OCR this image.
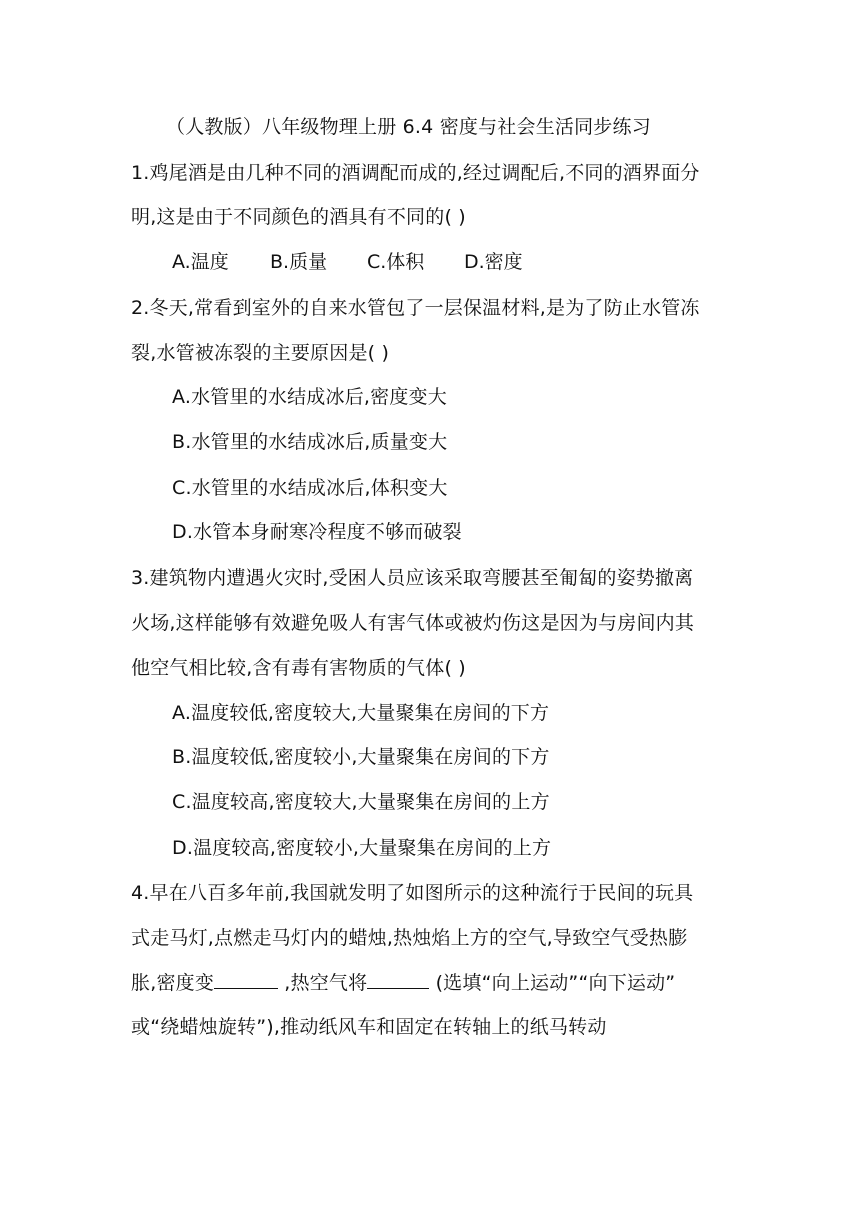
（人教版）八年级物理上册 6.4 密度与社会生活同步练习
1.鸡尾酒是由几种不同的酒调配而成的,经过调配后,不同的酒界面分
明,这是由于不同颜色的酒具有不同的( )
A.温度 B.质量 C.体积 D.密度
2.冬天,常看到室外的自来水管包了一层保温材料,是为了防止水管冻
裂,水管被冻裂的主要原因是( )
A.水管里的水结成冰后,密度变大
B.水管里的水结成冰后,质量变大
C.水管里的水结成冰后,体积变大
D.水管本身耐寒冷程度不够而破裂
3.建筑物内遭遇火灾时,受困人员应该采取弯腰甚至匍匐的姿势撤离
火场,这样能够有效避免吸人有害气体或被灼伤这是因为与房间内其
他空气相比较,含有毒有害物质的气体( )
A.温度较低,密度较大,大量聚集在房间的下方
B.温度较低,密度较小,大量聚集在房间的下方
C.温度较高,密度较大,大量聚集在房间的上方
D.温度较高,密度较小,大量聚集在房间的上方
4.早在八百多年前,我国就发明了如图所示的这种流行于民间的玩具
式走马灯,点燃走马灯内的蜡烛,热烛焰上方的空气,导致空气受热膨
胀,密度变	,热空气将	(选填“向上运动”“向下运动”
或“绕蜡烛旋转”),推动纸风车和固定在转轴上的纸马转动
